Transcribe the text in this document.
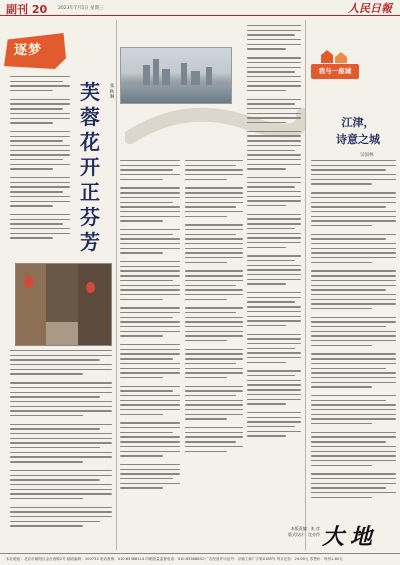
副刊 20 2023年7月5日 星期三	人民日報
逐梦
芙
蓉
花
开
正
芬
芳
张
秋
琳
我与一座城
江津，
诗意之城
吴国林
本版责编：张 彦
版式设计：沈亦伶 大地
本社地址：北京市朝阳区金台西路2号 邮政编码：100733 电话查询：010-65368114 印刷质量监督电话：010-65368832 广告经营许可证号：京朝工商广字第0185号 每月定价：24.00元 零售价：每份1.80元
